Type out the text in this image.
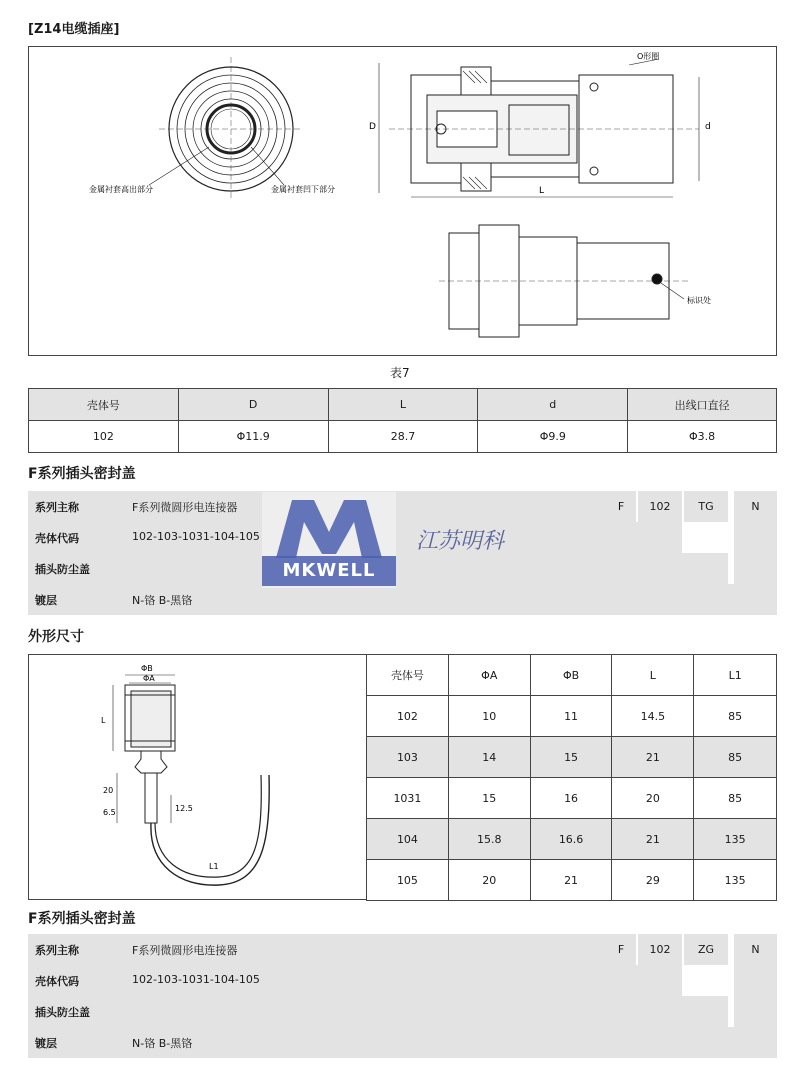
[Z14电缆插座]
O形圈
D	d
L
金属衬套高出部分	金属衬套凹下部分
标识处
表7
壳体号	D	L	d	出线口直径
102	Φ11.9	28.7	Φ9.9	Φ3.8
F系列插头密封盖
系列主称	F系列微圆形电连接器
壳体代码	102-103-1031-104-105
插头防尘盖
镀层	N-铬 B-黑铬
F	102	TG	N
MKWELL
江苏明科
外形尺寸
ΦB
ΦA
L
20
6.5	12.5
L1
壳体号	ΦA	ΦB	L	L1
102	10	11	14.5	85
103	14	15	21	85
1031	15	16	20	85
104	15.8	16.6	21	135
105	20	21	29	135
F系列插头密封盖
系列主称	F系列微圆形电连接器
壳体代码	102-103-1031-104-105
插头防尘盖
镀层	N-铬 B-黑铬
F	102	ZG	N
